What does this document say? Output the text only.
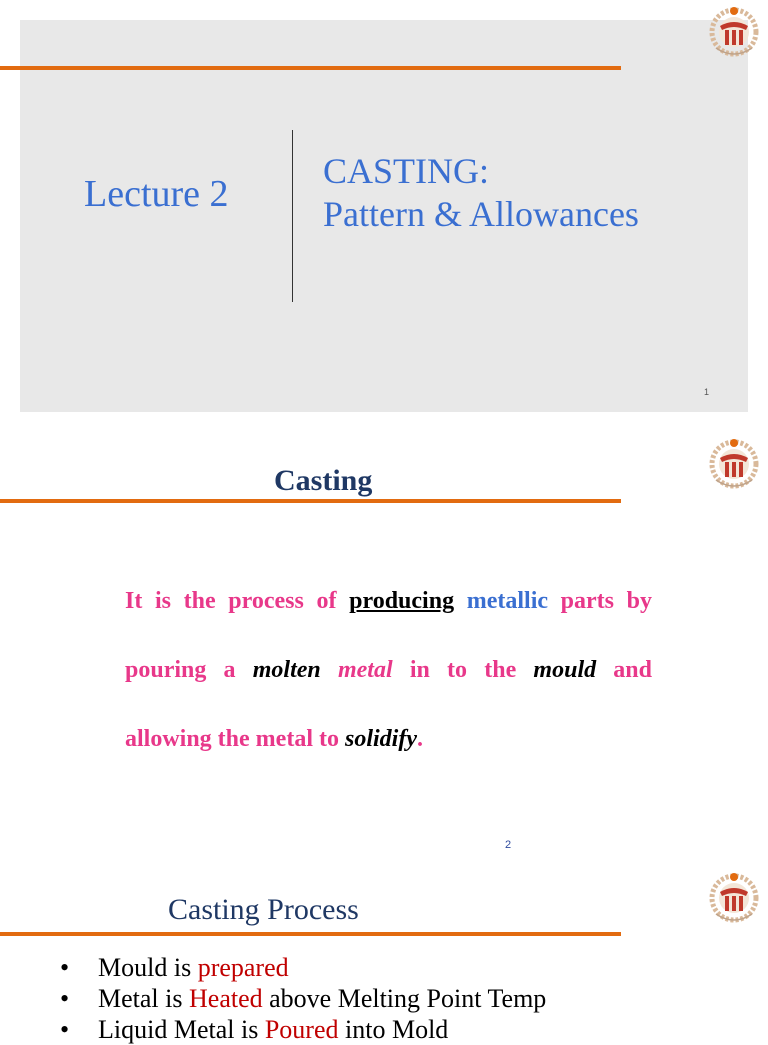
Lecture 2
CASTING:
Pattern & Allowances
1
Casting
It is the process of producing metallic parts by pouring a molten metal in to the mould and allowing the metal to solidify.
2
Casting Process
• Mould is prepared
• Metal is Heated above Melting Point Temp
• Liquid Metal is Poured into Mold
